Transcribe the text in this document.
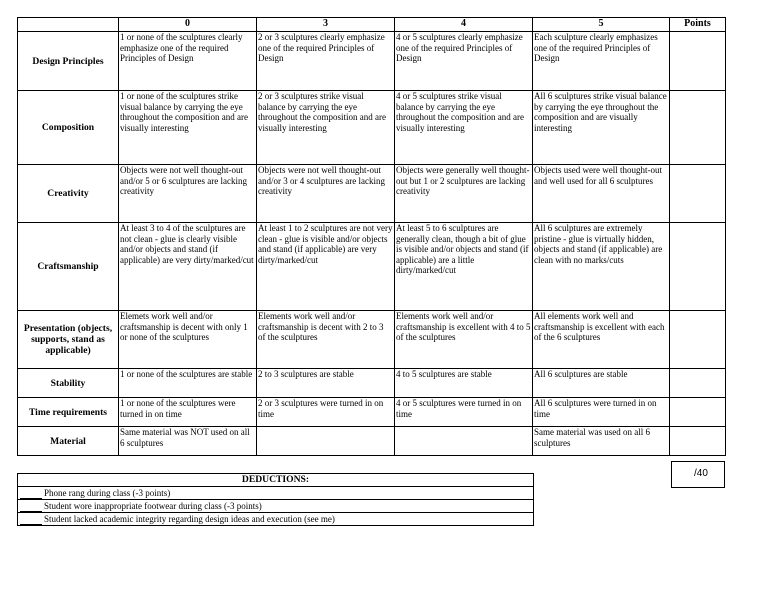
	0	3	4	5	Points
Design Principles	1 or none of the sculptures clearly emphasize one of the required Principles of Design	2 or 3 sculptures clearly emphasize one of the required Principles of Design	4 or 5 sculptures clearly emphasize one of the required Principles of Design	Each sculpture clearly emphasizes one of the required Principles of Design	
Composition	1 or none of the sculptures strike visual balance by carrying the eye throughout the composition and are visually interesting	2 or 3 sculptures strike visual balance by carrying the eye throughout the composition and are visually interesting	4 or 5 sculptures strike visual balance by carrying the eye throughout the composition and are visually interesting	All 6 sculptures strike visual balance by carrying the eye throughout the composition and are visually interesting	
Creativity	Objects were not well thought-out and/or 5 or 6 sculptures are lacking creativity	Objects were not well thought-out and/or 3 or 4 sculptures are lacking creativity	Objects were generally well thought-out but 1 or 2 sculptures are lacking creativity	Objects used were well thought-out and well used for all 6 sculptures	
Craftsmanship	At least 3 to 4 of the sculptures are not clean - glue is clearly visible and/or objects and stand (if applicable) are very dirty/marked/cut	At least 1 to 2 sculptures are not very clean - glue is visible and/or objects and stand (if applicable) are very dirty/marked/cut	At least 5 to 6 sculptures are generally clean, though a bit of glue is visible and/or objects and stand (if applicable) are a little dirty/marked/cut	All 6 sculptures are extremely pristine - glue is virtually hidden, objects and stand (if applicable) are clean with no marks/cuts	
Presentation (objects, supports, stand as applicable)	Elemets work well and/or craftsmanship is decent with only 1 or none of the sculptures	Elements work well and/or craftsmanship is decent with 2 to 3 of the sculptures	Elements work well and/or craftsmanship is excellent with 4 to 5 of the sculptures	All elements work well and craftsmanship is excellent with each of the 6 sculptures	
Stability	1 or none of the sculptures are stable	2 to 3 sculptures are stable	4 to 5 sculptures are stable	All 6 sculptures are stable	
Time requirements	1 or none of the sculptures were turned in on time	2 or 3 sculptures were turned in on time	4 or 5 sculptures were turned in on time	All 6 sculptures were turned in on time	
Material	Same material was NOT used on all 6 sculptures			Same material was used on all 6 sculptures	
/40
DEDUCTIONS:
Phone rang during class (-3 points)
Student wore inappropriate footwear during class (-3 points)
Student lacked academic integrity regarding design ideas and execution (see me)
